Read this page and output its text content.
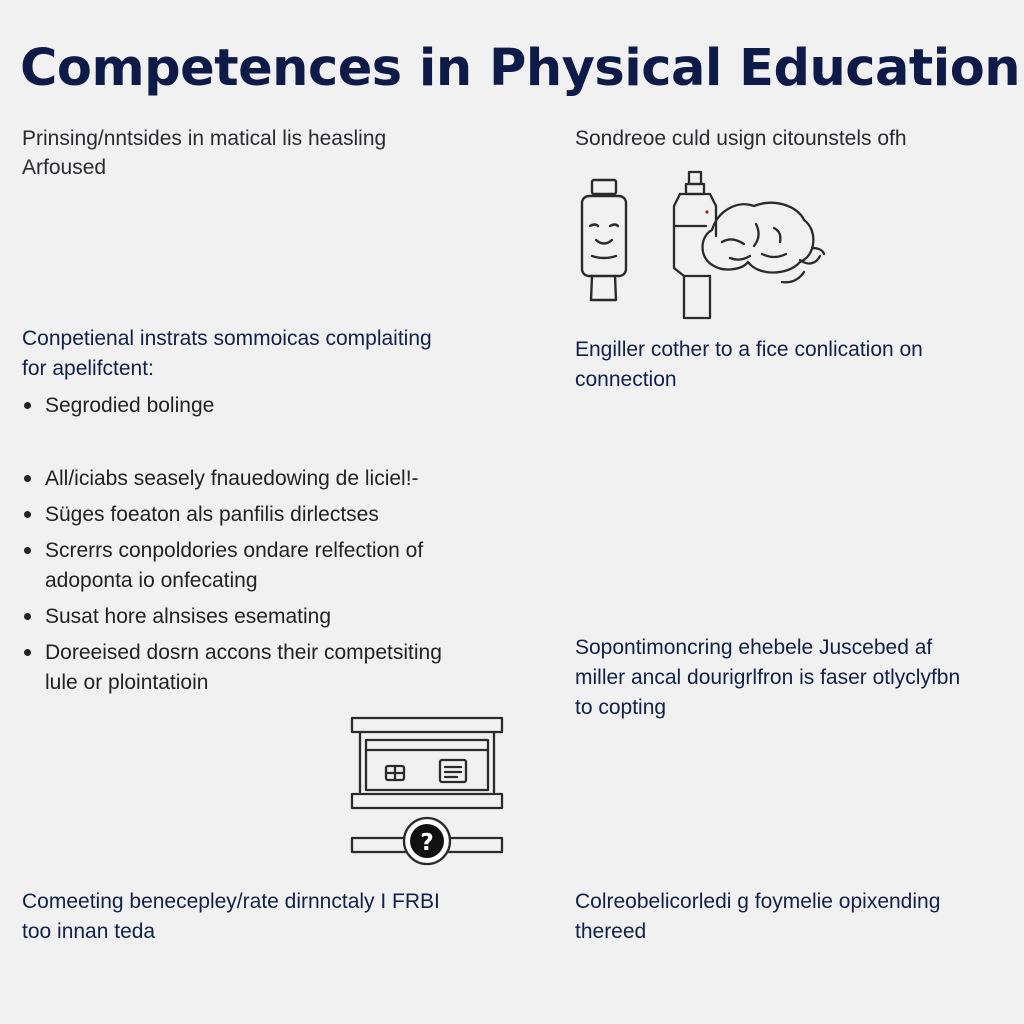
Competences in Physical Education
Prinsing/nntsides in matical lis heasling
Arfoused
Conpetienal instrats sommoicas complaiting
for apelifctent:
Segrodied bolinge
All/iciabs seasely fnauedowing de liciel!-
Süges foeaton als panfilis dirlectses
Screrrs conpoldories ondare relfection of
adoponta io onfecating
Susat hore alnsises esemating
Doreeised dosrn accons their competsiting
lule or plointatioin
Comeeting benecepley/rate dirnnctaly I FRBI
too innan teda
Sondreoe culd usign citounstels ofh
Engiller cother to a fice conlication on
connection
Sopontimoncring ehebele Juscebed af
miller ancal dourigrlfron is faser otlyclyfbn
to copting
Colreobelicorledi g foymelie opixending
thereed
?
